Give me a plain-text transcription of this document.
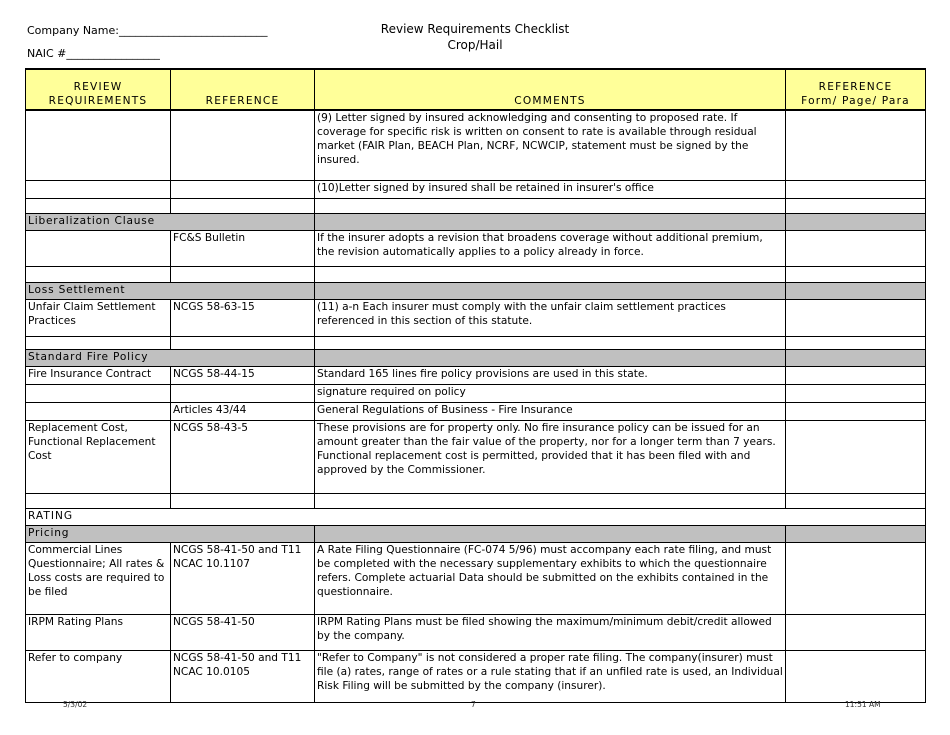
Company Name:___________________________
NAIC #_________________
Review Requirements Checklist
Crop/Hail
REVIEW REQUIREMENTS	REFERENCE	COMMENTS	REFERENCE
Form/ Page/ Para

		(9) Letter signed by insured acknowledging and consenting to proposed rate. If coverage for specific risk is written on consent to rate is available through residual market (FAIR Plan, BEACH Plan, NCRF, NCWCIP, statement must be signed by the insured.	
		(10)Letter signed by insured shall be retained in insurer's office	

Liberalization Clause			
	FC&S Bulletin	If the insurer adopts a revision that broadens coverage without additional premium, the revision automatically applies to a policy already in force.	

Loss Settlement			
Unfair Claim Settlement Practices	NCGS 58-63-15	(11) a-n Each insurer must comply with the unfair claim settlement practices referenced in this section of this statute.	

Standard Fire Policy			
Fire Insurance Contract	NCGS 58-44-15	Standard 165 lines fire policy provisions are used in this state.	
		signature required on policy	
	Articles 43/44	General Regulations of Business - Fire Insurance	
Replacement Cost, Functional Replacement Cost	NCGS 58-43-5	These provisions are for property only. No fire insurance policy can be issued for an amount greater than the fair value of the property, nor for a longer term than 7 years. Functional replacement cost is permitted, provided that it has been filed with and approved by the Commissioner.	

RATING			
Pricing			
Commercial Lines Questionnaire; All rates & Loss costs are required to be filed	NCGS 58-41-50 and T11 NCAC 10.1107	A Rate Filing Questionnaire (FC-074 5/96) must accompany each rate filing, and must be completed with the necessary supplementary exhibits to which the questionnaire refers. Complete actuarial Data should be submitted on the exhibits contained in the questionnaire.	
IRPM Rating Plans	NCGS 58-41-50	IRPM Rating Plans must be filed showing the maximum/minimum debit/credit allowed by the company.	
Refer to company	NCGS 58-41-50 and T11 NCAC 10.0105	"Refer to Company" is not considered a proper rate filing. The company(insurer) must file (a) rates, range of rates or a rule stating that if an unfiled rate is used, an Individual Risk Filing will be submitted by the company (insurer).	
5/3/02	7	11:51 AM
